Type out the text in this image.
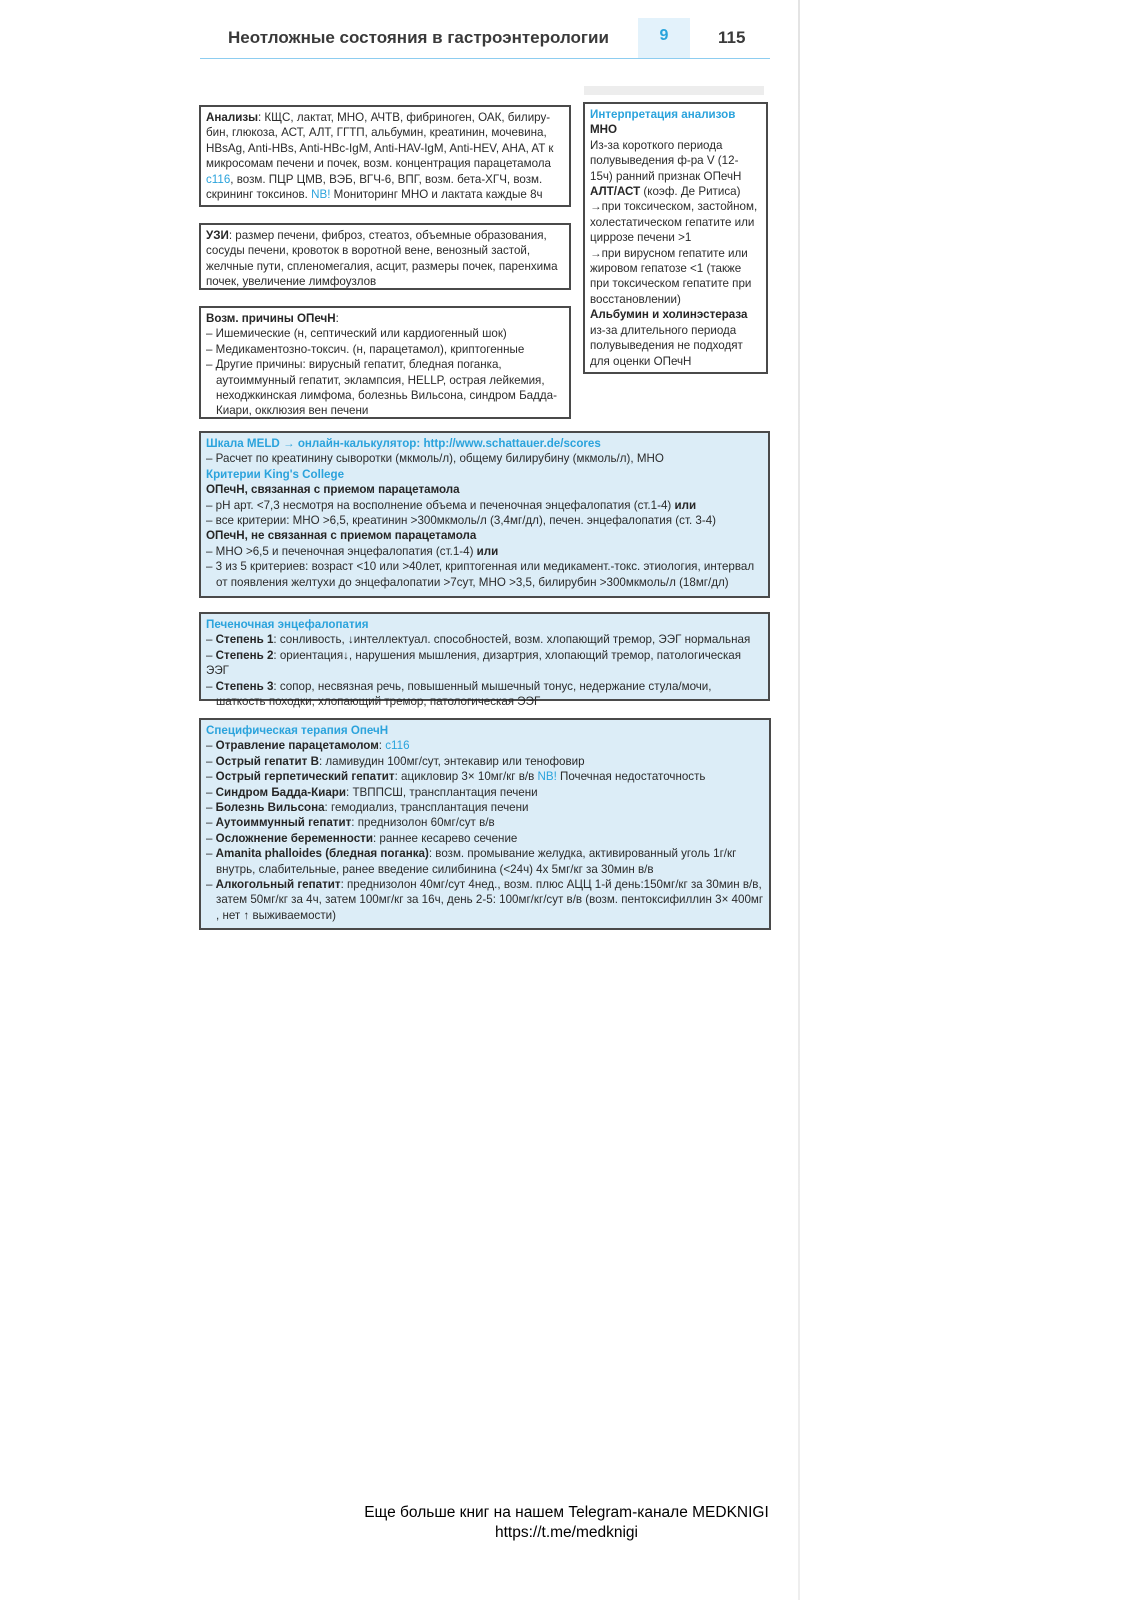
Неотложные состояния в гастроэнтерологии	9	115

Анализы: КЩС, лактат, МНО, АЧТВ, фибриноген, ОАК, билиру-бин, глюкоза, АСТ, АЛТ, ГГТП, альбумин, креатинин, мочевина, HBsAg, Anti-HBs, Anti-HBc-IgM, Anti-HAV-IgM, Anti-HEV, AHA, AT к микросомам печени и почек, возм. концентрация парацетамола c116, возм. ПЦР ЦМВ, ВЭБ, ВГЧ-6, ВПГ, возм. бета-ХГЧ, возм. скрининг токсинов. NB! Мониторинг МНО и лактата каждые 8ч

УЗИ: размер печени, фиброз, стеатоз, объемные образования, сосуды печени, кровоток в воротной вене, венозный застой, желчные пути, спленомегалия, асцит, размеры почек, паренхима почек, увеличение лимфоузлов

Возм. причины ОПечН:

– Ишемические (н, септический или кардиогенный шок)

– Медикаментозно-токсич. (н, парацетамол), криптогенные

– Другие причины: вирусный гепатит, бледная поганка, аутоиммунный гепатит, эклампсия, HELLP, острая лейкемия, неходжкинская лимфома, болезньь Вильсона, синдром Бадда-Киари, окклюзия вен печени

Интерпретация анализов

МНО

Из-за короткого периода полувыведения ф-ра V (12-15ч) ранний признак ОПечН

АЛТ/АСТ (коэф. Де Ритиса)

→при токсическом, застойном, холестатическом гепатите или циррозе печени >1

→при вирусном гепатите или жировом гепатозе <1 (также при токсическом гепатите при восстановлении)

Альбумин и холинэстераза

из-за длительного периода полувыведения не подходят для оценки ОПечН

Шкала MELD → онлайн-калькулятор: http://www.schattauer.de/scores

– Расчет по креатинину сыворотки (мкмоль/л), общему билирубину (мкмоль/л), МНО

Критерии King's College

ОПечН, связанная с приемом парацетамола

– pH арт. <7,3 несмотря на восполнение объема и печеночная энцефалопатия (ст.1-4) или

– все критерии: МНО >6,5, креатинин >300мкмоль/л (3,4мг/дл), печен. энцефалопатия (ст. 3-4)

ОПечН, не связанная с приемом парацетамола

– МНО >6,5 и печеночная энцефалопатия (ст.1-4) или

– 3 из 5 критериев: возраст <10 или >40лет, криптогенная или медикамент.-токс. этиология, интервал от появления желтухи до энцефалопатии >7сут, МНО >3,5, билирубин >300мкмоль/л (18мг/дл)

Печеночная энцефалопатия

– Степень 1: сонливость, ↓интеллектуал. способностей, возм. хлопающий тремор, ЭЭГ нормальная

– Степень 2: ориентация↓, нарушения мышления, дизартрия, хлопающий тремор, патологическая ЭЭГ

– Степень 3: сопор, несвязная речь, повышенный мышечный тонус, недержание стула/мочи, шаткость походки, хлопающий тремор, патологическая ЭЭГ

Специфическая терапия ОпечН

– Отравление парацетамолом: c116

– Острый гепатит B: ламивудин 100мг/сут, энтекавир или тенофовир

– Острый герпетический гепатит: ацикловир 3× 10мг/кг в/в NB! Почечная недостаточность

– Синдром Бадда-Киари: ТВППСШ, трансплантация печени

– Болезнь Вильсона: гемодиализ, трансплантация печени

– Аутоиммунный гепатит: преднизолон 60мг/сут в/в

– Осложнение беременности: раннее кесарево сечение

– Amanita phalloides (бледная поганка): возм. промывание желудка, активированный уголь 1г/кг внутрь, слабительные, ранее введение силибинина (<24ч) 4х 5мг/кг за 30мин в/в

– Алкогольный гепатит: преднизолон 40мг/сут 4нед., возм. плюс АЦЦ 1-й день:150мг/кг за 30мин в/в, затем 50мг/кг за 4ч, затем 100мг/кг за 16ч, день 2-5: 100мг/кг/сут в/в (возм. пентоксифиллин 3× 400мг , нет ↑ выживаемости)

Еще больше книг на нашем Telegram-канале MEDKNIGI
https://t.me/medknigi
